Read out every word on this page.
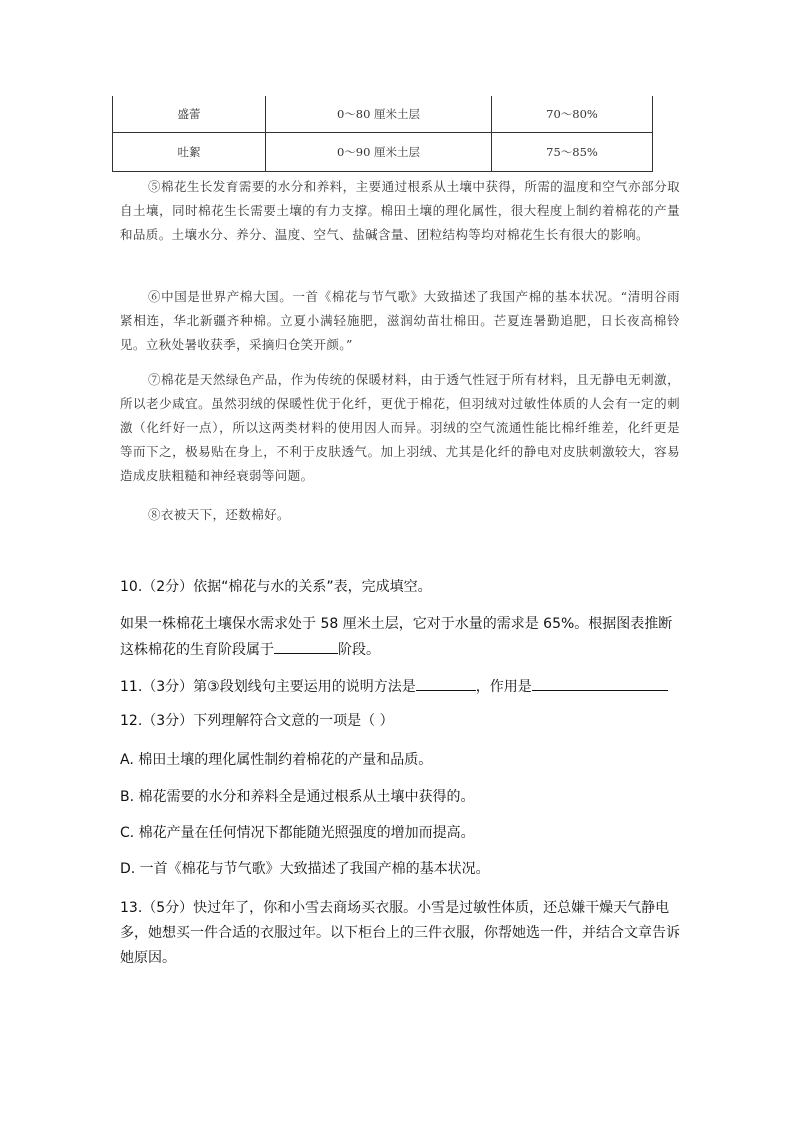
盛蕾	0～80 厘米土层	70～80%
吐絮	0～90 厘米土层	75～85%

⑤棉花生长发育需要的水分和养料，主要通过根系从土壤中获得，所需的温度和空气亦部分取自土壤，同时棉花生长需要土壤的有力支撑。棉田土壤的理化属性，很大程度上制约着棉花的产量和品质。土壤水分、养分、温度、空气、盐碱含量、团粒结构等均对棉花生长有很大的影响。

⑥中国是世界产棉大国。一首《棉花与节气歌》大致描述了我国产棉的基本状况。“清明谷雨紧相连，华北新疆齐种棉。立夏小满轻施肥，滋润幼苗壮棉田。芒夏连暑勤追肥，日长夜高棉铃见。立秋处暑收获季，采摘归仓笑开颜。”

⑦棉花是天然绿色产品，作为传统的保暖材料，由于透气性冠于所有材料，且无静电无刺激，所以老少咸宜。虽然羽绒的保暖性优于化纤，更优于棉花，但羽绒对过敏性体质的人会有一定的刺激（化纤好一点），所以这两类材料的使用因人而异。羽绒的空气流通性能比棉纤维差，化纤更是等而下之，极易贴在身上，不利于皮肤透气。加上羽绒、尤其是化纤的静电对皮肤刺激较大，容易造成皮肤粗糙和神经衰弱等问题。

⑧衣被天下，还数棉好。

10.（2分）依据“棉花与水的关系”表，完成填空。

如果一株棉花土壤保水需求处于 58 厘米土层，它对于水量的需求是 65%。根据图表推断这株棉花的生育阶段属于	阶段。

11.（3分）第③段划线句主要运用的说明方法是	，作用是

12.（3分）下列理解符合文意的一项是（ ）

A. 棉田土壤的理化属性制约着棉花的产量和品质。

B. 棉花需要的水分和养料全是通过根系从土壤中获得的。

C. 棉花产量在任何情况下都能随光照强度的增加而提高。

D. 一首《棉花与节气歌》大致描述了我国产棉的基本状况。

13.（5分）快过年了，你和小雪去商场买衣服。小雪是过敏性体质，还总嫌干燥天气静电多，她想买一件合适的衣服过年。以下柜台上的三件衣服，你帮她选一件，并结合文章告诉她原因。
